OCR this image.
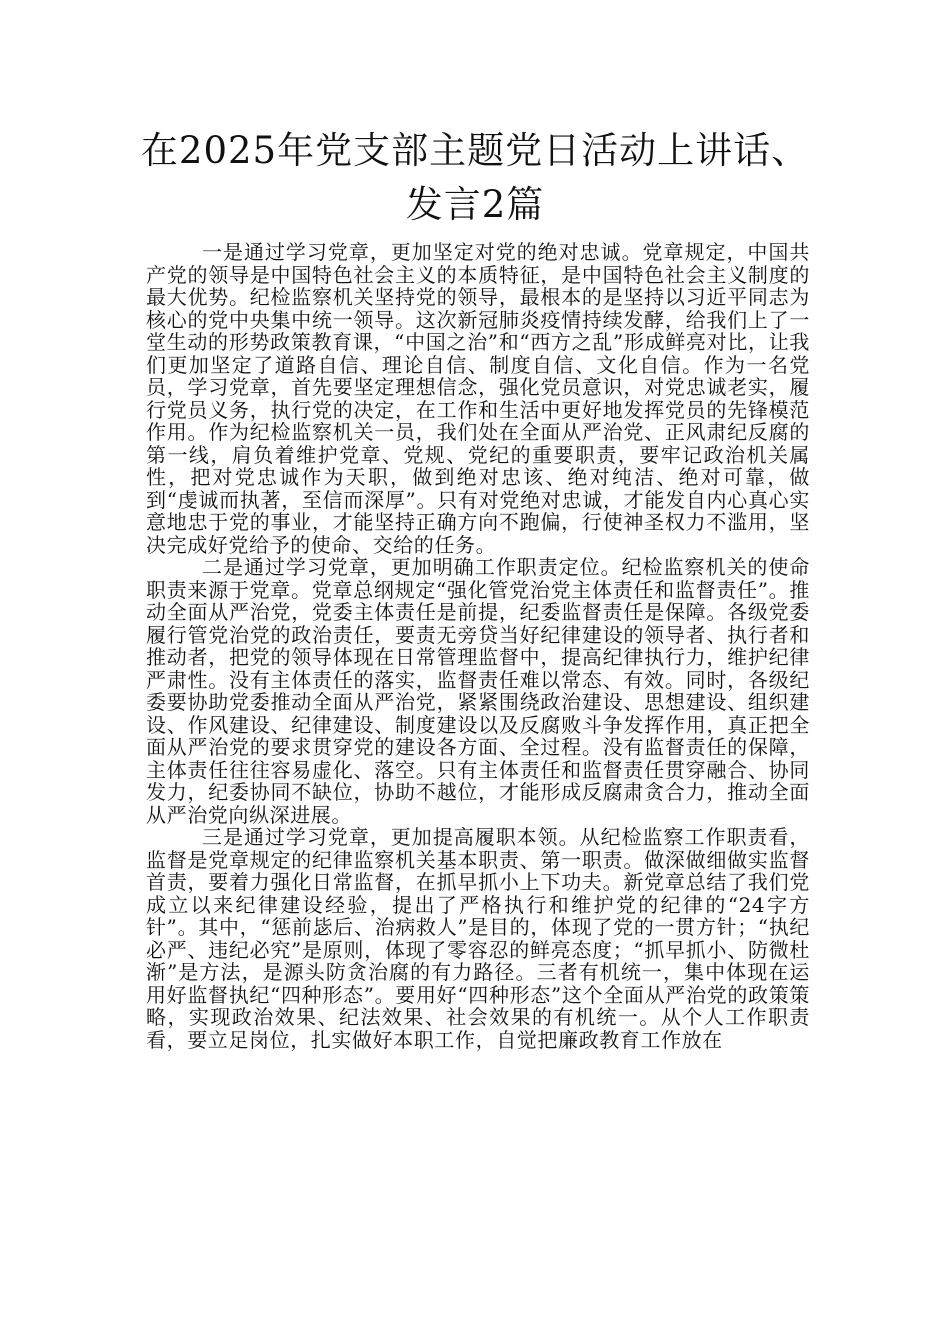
在2025年党支部主题党日活动上讲话、发言2篇

一是通过学习党章，更加坚定对党的绝对忠诚。党章规定，中国共产党的领导是中国特色社会主义的本质特征，是中国特色社会主义制度的最大优势。纪检监察机关坚持党的领导，最根本的是坚持以习近平同志为核心的党中央集中统一领导。这次新冠肺炎疫情持续发酵，给我们上了一堂生动的形势政策教育课，“中国之治”和“西方之乱”形成鲜亮对比，让我们更加坚定了道路自信、理论自信、制度自信、文化自信。作为一名党员，学习党章，首先要坚定理想信念，强化党员意识，对党忠诚老实，履行党员义务，执行党的决定，在工作和生活中更好地发挥党员的先锋模范作用。作为纪检监察机关一员，我们处在全面从严治党、正风肃纪反腐的第一线，肩负着维护党章、党规、党纪的重要职责，要牢记政治机关属性，把对党忠诚作为天职，做到绝对忠该、绝对纯洁、绝对可靠，做到“虔诚而执著，至信而深厚”。只有对党绝对忠诚，才能发自内心真心实意地忠于党的事业，才能坚持正确方向不跑偏，行使神圣权力不滥用，坚决完成好党给予的使命、交给的任务。

二是通过学习党章，更加明确工作职责定位。纪检监察机关的使命职责来源于党章。党章总纲规定“强化管党治党主体责任和监督责任”。推动全面从严治党，党委主体责任是前提，纪委监督责任是保障。各级党委履行管党治党的政治责任，要责无旁贷当好纪律建设的领导者、执行者和推动者，把党的领导体现在日常管理监督中，提高纪律执行力，维护纪律严肃性。没有主体责任的落实，监督责任难以常态、有效。同时，各级纪委要协助党委推动全面从严治党，紧紧围绕政治建设、思想建设、组织建设、作风建设、纪律建设、制度建设以及反腐败斗争发挥作用，真正把全面从严治党的要求贯穿党的建设各方面、全过程。没有监督责任的保障，主体责任往往容易虚化、落空。只有主体责任和监督责任贯穿融合、协同发力，纪委协同不缺位，协助不越位，才能形成反腐肃贪合力，推动全面从严治党向纵深进展。

三是通过学习党章，更加提高履职本领。从纪检监察工作职责看，监督是党章规定的纪律监察机关基本职责、第一职责。做深做细做实监督首责，要着力强化日常监督，在抓早抓小上下功夫。新党章总结了我们党成立以来纪律建设经验，提出了严格执行和维护党的纪律的“24字方针”。其中，“惩前毖后、治病救人”是目的，体现了党的一贯方针；“执纪必严、违纪必究”是原则，体现了零容忍的鲜亮态度；“抓早抓小、防微杜渐”是方法，是源头防贪治腐的有力路径。三者有机统一，集中体现在运用好监督执纪“四种形态”。要用好“四种形态”这个全面从严治党的政策策略，实现政治效果、纪法效果、社会效果的有机统一。从个人工作职责看，要立足岗位，扎实做好本职工作，自觉把廉政教育工作放在
